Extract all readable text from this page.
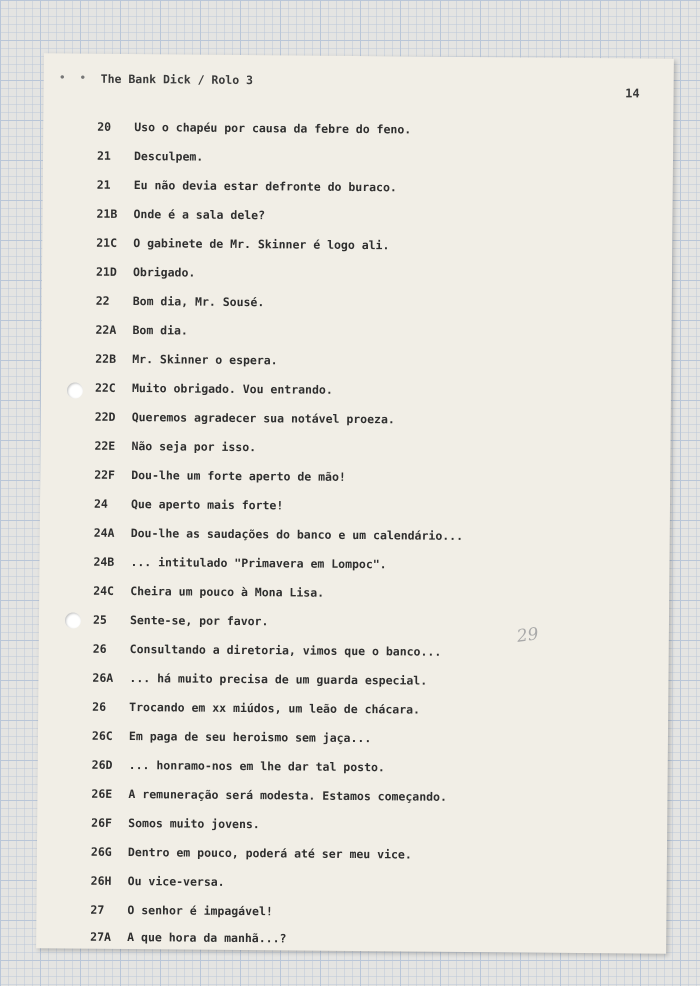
• • The Bank Dick / Rolo 3
14
20 Uso o chapéu por causa da febre do feno.
21 Desculpem.
21 Eu não devia estar defronte do buraco.
21B Onde é a sala dele?
21C O gabinete de Mr. Skinner é logo ali.
21D Obrigado.
22 Bom dia, Mr. Sousé.
22A Bom dia.
22B Mr. Skinner o espera.
22C Muito obrigado. Vou entrando.
22D Queremos agradecer sua notável proeza.
22E Não seja por isso.
22F Dou-lhe um forte aperto de mão!
24 Que aperto mais forte!
24A Dou-lhe as saudações do banco e um calendário...
24B ... intitulado "Primavera em Lompoc".
24C Cheira um pouco à Mona Lisa.
25 Sente-se, por favor.
26 Consultando a diretoria, vimos que o banco...
26A ... há muito precisa de um guarda especial.
26 Trocando em xx miúdos, um leão de chácara.
26C Em paga de seu heroismo sem jaça...
26D ... honramo-nos em lhe dar tal posto.
26E A remuneração será modesta. Estamos começando.
26F Somos muito jovens.
26G Dentro em pouco, poderá até ser meu vice.
26H Ou vice-versa.
27 O senhor é impagável!
27A A que hora da manhã...?
29
